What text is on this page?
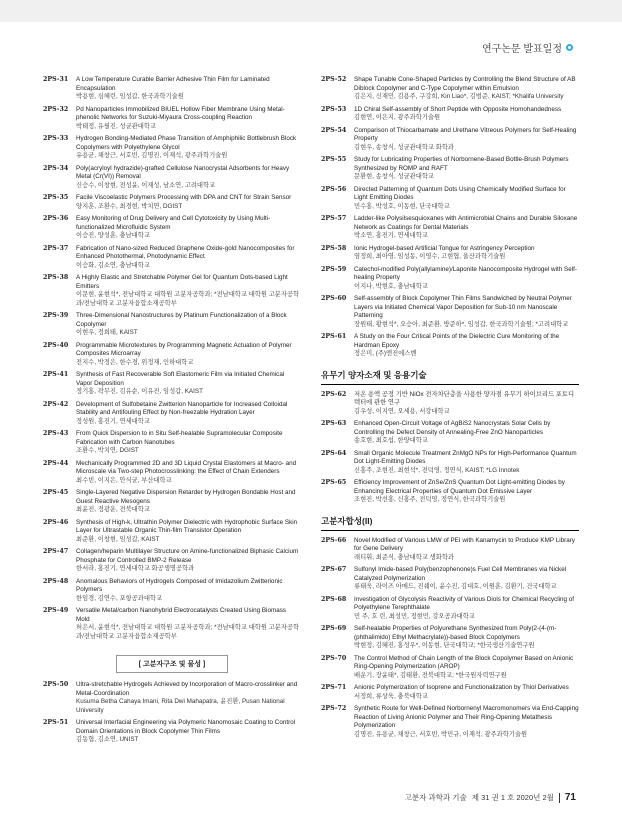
연구논문 발표일정
2PS-31	A Low Temperature Curable Barrier Adhesive Thin Film for Laminated Encapsulation
박용현, 심혜린, 임성갑, 한국과학기술원
2PS-32	Pd Nanoparticles Immobilized BIUEL Hollow Fiber Membrane Using Metal-phenolic Networks for Suzuki-Miyaura Cross-coupling Reaction
박태정, 유필진, 성균관대학교
2PS-33	Hydrogen Bonding-Mediated Phase Transition of Amphiphilic Bottlebrush Block Copolymers with Polyethylene Glycol
유용균, 채창근, 서호빈, 김명진, 이재석, 광주과학기술원
2PS-34	Poly(acryloyl hydrazide)-grafted Cellulose Nanocrystal Adsorbents for Heavy Metal (Cr(VI)) Removal
신승수, 이창현, 전성윤, 이재성, 남소연, 고려대학교
2PS-35	Facile Viscoelastic Polymers Processing with DPA and CNT for Strain Sensor
양지훈, 조환수, 최경현, 박치연, DGIST
2PS-36	Easy Monitoring of Drug Delivery and Cell Cytotoxicity by Using Multi-functionalized Microfluidic System
이승진, 양성훈, 충남대학교
2PS-37	Fabrication of Nano-sized Reduced Graphene Oxide-gold Nanocomposites for Enhanced Photothermal, Photodynamic Effect
이승화, 김소연, 충남대학교
2PS-38	A Highly Elastic and Stretchable Polymer Gel for Quantum Dots-based Light Emitters
이문현, 윤현석*, 전남대학교 대학원 고분자공학과; *전남대학교 대학원 고분자공학과/전남대학교 고분자융합소재공학부
2PS-39	Three-Dimensional Nanostructures by Platinum Functionalization of a Block Copolymer
이현우, 정희태, KAIST
2PS-40	Programmable Microtextures by Programming Magnetic Actuation of Polymer Composites Microarray
전지수, 박정은, 한수경, 위정재, 인하대학교
2PS-41	Synthesis of Fast Recoverable Soft Elastomeric Film via Initiated Chemical Vapor Deposition
정기홍, 곽무진, 김유순, 이유진, 임성갑, KAIST
2PS-42	Development of Sulfobetaine Zwitterion Nanoparticle for Increased Colloidal Stability and Antifouling Effect by Non-freezable Hydration Layer
정성원, 홍진기, 연세대학교
2PS-43	From Quick Dispersion to in Situ Self-healable Supramolecular Composite Fabrication with Carbon Nanotubes
조환수, 박치연, DGIST
2PS-44	Mechanically Programmed 2D and 3D Liquid Crystal Elastomers at Macro- and Microscale via Two-step Photocrosslinking: the Effect of Chain Extenders
최수빈, 이지은, 안식균, 부산대학교
2PS-45	Single-Layered Negative Dispersion Retarder by Hydrogen Bondable Host and Guest Reactive Mesogens
최윤진, 정광운, 전북대학교
2PS-46	Synthesis of High-k, Ultrathin Polymer Dielectric with Hydrophobic Surface Skin Layer for Ultrastable Organic Thin-film Transistor Operation
최준환, 이창현, 임성갑, KAIST
2PS-47	Collagen/heparin Multilayer Structure on Amine-functionalized Biphasic Calcium Phosphate for Controlled BMP-2 Release
한서라, 홍진기, 연세대학교 화공생명공학과
2PS-48	Anomalous Behaviors of Hydrogels Composed of Imidazolium Zwitterionic Polymers
한임경, 김연수, 포항공과대학교
2PS-49	Versatile Metal/carbon Nanohybrid Electrocatalysts Created Using Biomass Mold
허은서, 윤현석*, 전남대학교 대학원 고분자공학과; *전남대학교 대학원 고분자공학과/전남대학교 고분자융합소재공학부
[ 고분자구조 및 물성 ]
2PS-50	Ultra-stretchable Hydrogels Achieved by Incorporation of Macro-crosslinker and Metal-Coordination
Kusuma Betha Cahaya Imani, Rita Dwi Mahapatra, 윤진환, Pusan National University
2PS-51	Universal Interfacial Engineering via Polymeric Nanomosaic Coating to Control Domain Orientations in Block Copolymer Thin Films
김동협, 김소연, UNIST
2PS-52	Shape Tunable Cone-Shaped Particles by Controlling the Blend Structure of AB Diblock Copolymer and C-Type Copolymer within Emulsion
김은지, 신재민, 김용주, 구강희, Kin Liao*, 김범준, KAIST; *Khalifa University
2PS-53	1D Chiral Self-assembly of Short Peptide with Opposite Homohandedness
김현연, 이은지, 광주과학기술원
2PS-54	Comparison of Thiocarbamate and Urethane Vitreous Polymers for Self-Healing Property
김현우, 송창식, 성균관대학교 화학과
2PS-55	Study for Lubricating Properties of Norbornene-Based Bottle-Brush Polymers Synthesized by ROMP and RAFT
문환현, 송창식, 성균관대학교
2PS-56	Directed Patterning of Quantum Dots Using Chemically Modified Surface for Light Emitting Diodes
민수홍, 박성호, 이동현, 단국대학교
2PS-57	Ladder-like Polysilsesquioxanes with Antimicrobial Chains and Durable Siloxane Network as Coatings for Dental Materials
박소연, 홍진기, 연세대학교
2PS-58	Ionic Hydrogel-based Artificial Tongue for Astringency Perception
염정희, 최아영, 임성동, 이영수, 고현협, 울산과학기술원
2PS-59	Catechol-modified Poly(allylamine)/Laponite Nanocomposite Hydrogel with Self-healing Property
이지나, 박현호, 충남대학교
2PS-60	Self-assembly of Block Copolymer Thin Films Sandwiched by Neutral Polymer Layers via Initiated Chemical Vapor Deposition for Sub-10 nm Nanoscale Patterning
장원태, 황현석*, 오승아, 최준환, 방준하*, 임성갑, 한국과학기술원; *고려대학교
2PS-61	A Study on the Four Critical Points of the Dielectric Cure Monitoring of the Hardman Epoxy
정은미, (주)엔진에스벤
유무기 양자소재 및 응용기술
2PS-62	저온 용액 공정 기반 NiOx 전자차단층을 사용한 양자점 유무기 하이브리드 포토디텍터에 관한 연구
김우성, 이지연, 오세용, 서강대학교
2PS-63	Enhanced Open-Circuit Voltage of AgBiS2 Nanocrystals Solar Cells by Controlling the Defect Density of Annealing-Free ZnO Nanoparticles
송호현, 최호섭, 한양대학교
2PS-64	Small Organic Molecule Treatment ZnMgO NPs for High-Performance Quantum Dot Light-Emitting Diodes
신홍주, 조현진, 최현석*, 전덕영, 정연식, KAIST; *LG Innotek
2PS-65	Efficiency Improvement of ZnSe/ZnS Quantum Dot Light-emitting Diodes by Enhancing Electrical Properties of Quantum Dot Emissive Layer
조현진, 박선홍, 신홍주, 전덕영, 정연식, 한국과학기술원
고분자합성(II)
2PS-66	Novel Modified of Various LMW of PEI with Kanamycin to Produce KMP Library for Gene Delivery
래티휘, 최준식, 충남대학교 생화학과
2PS-67	Sulfonyl Imide-based Poly(benzophenone)s Fuel Cell Membranes via Nickel Catalyzed Polymerization
류태욱, 라이즈 아메드, 진쉐이, 윤수진, 김대호, 이원훈, 김환기, 건국대학교
2PS-68	Investigation of Glycolysis Reactivity of Various Diols for Chemical Recycling of Polyethylene Terephthalate
민 주, 호 린, 최성민, 정현민, 강오공과대학교
2PS-69	Self-healable Properties of Polyurethane Synthesized from Poly(2-(4-(m-(phthalimido) Ethyl Methacrylate))-based Block Copolymers
박현정, 김혜진, 홍성우*, 이동현, 단국대학교; *한국생산기술연구원
2PS-70	The Control Method of Chain Length of the Block Copolymer Based on Anionic Ring-Opening Polymerization (AROP)
배운기, 장윤태*, 김태환, 전북대학교; *한국원자력연구원
2PS-71	Anionic Polymerization of Isoprene and Functionalization by Thiol Derivatives
서정희, 류상욱, 충북대학교
2PS-72	Synthetic Route for Well-Defined Norbornenyl Macromonomers via End-Capping Reaction of Living Anionic Polymer and Their Ring-Opening Metathesis Polymerization
김명진, 유용균, 채창근, 서호빈, 박민규, 이재석, 광주과학기술원
고분자 과학과 기술 제 31 권 1 호 2020년 2월 71
